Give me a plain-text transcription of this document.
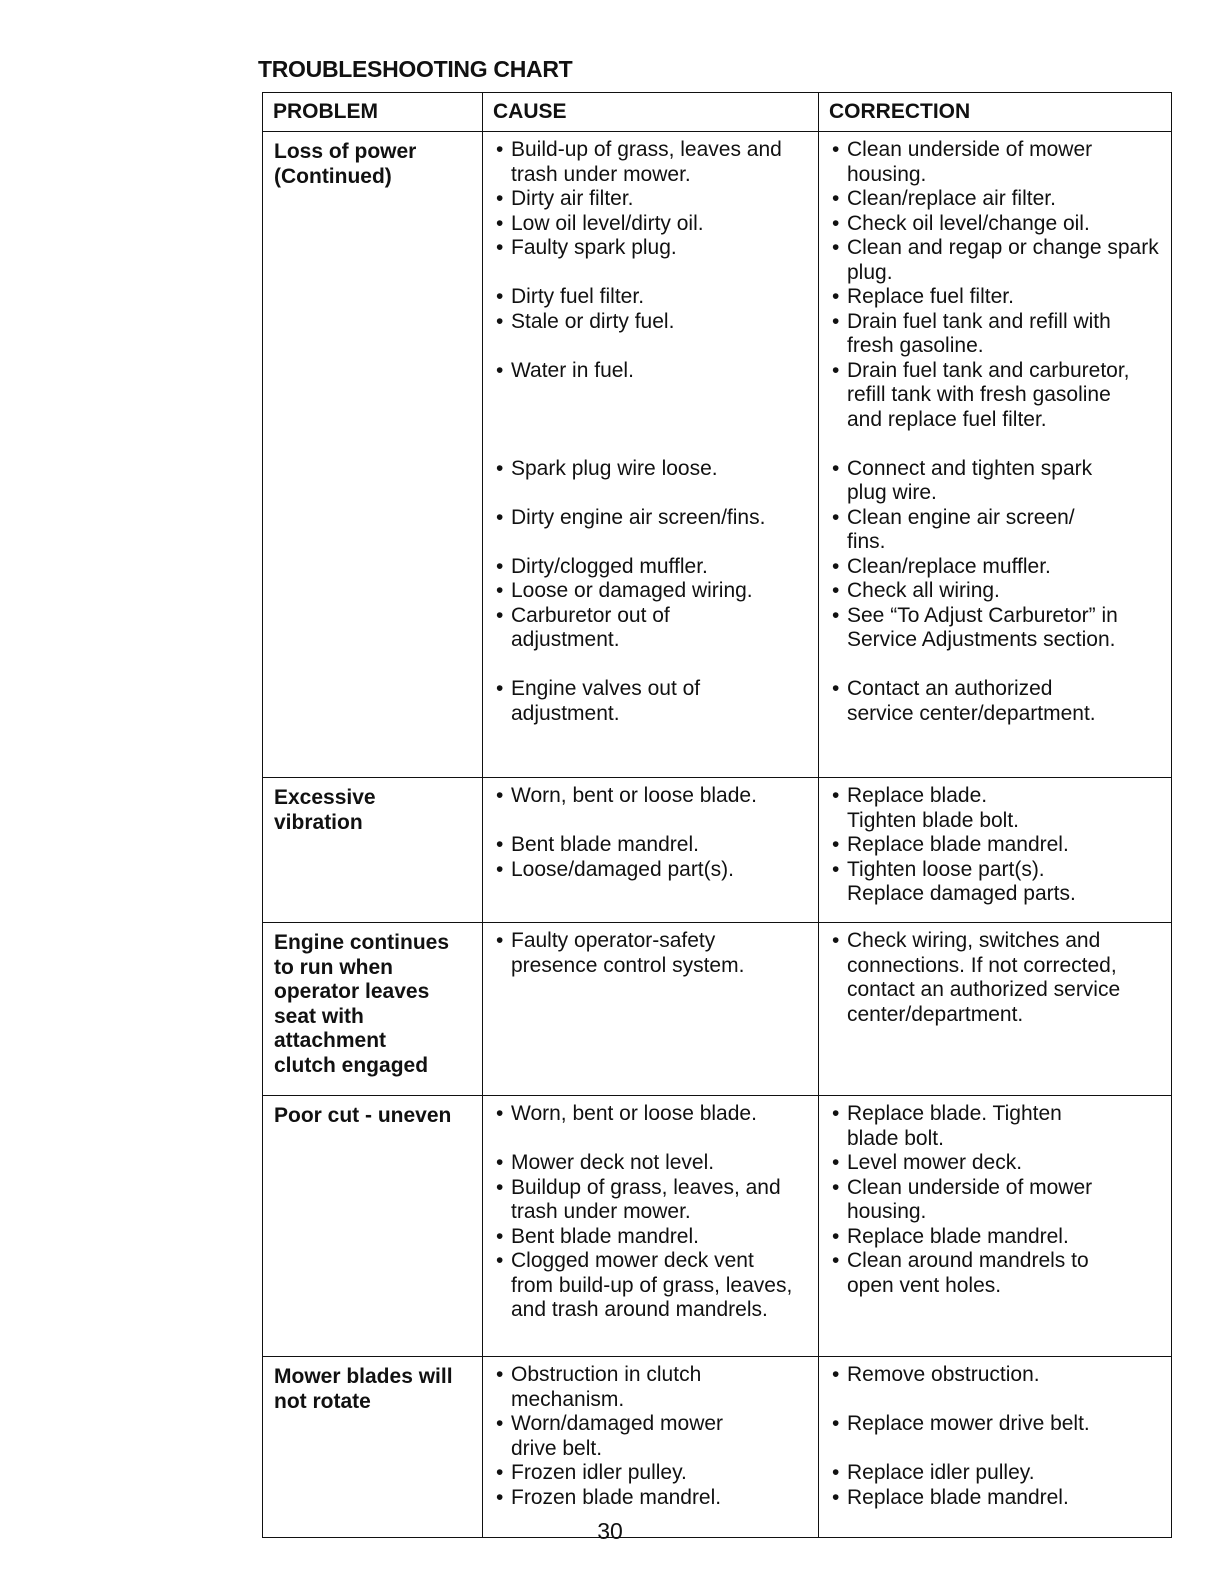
TROUBLESHOOTING CHART
PROBLEM	CAUSE	CORRECTION
Loss of power
(Continued)
• Build-up of grass, leaves and trash under mower.
• Dirty air filter.
• Low oil level/dirty oil.
• Faulty spark plug.
• Dirty fuel filter.
• Stale or dirty fuel.
• Water in fuel.
• Spark plug wire loose.
• Dirty engine air screen/fins.
• Dirty/clogged muffler.
• Loose or damaged wiring.
• Carburetor out of adjustment.
• Engine valves out of adjustment.
• Clean underside of mower housing.
• Clean/replace air filter.
• Check oil level/change oil.
• Clean and regap or change spark plug.
• Replace fuel filter.
• Drain fuel tank and refill with fresh gasoline.
• Drain fuel tank and carburetor, refill tank with fresh gasoline and replace fuel filter.
• Connect and tighten spark plug wire.
• Clean engine air screen/ fins.
• Clean/replace muffler.
• Check all wiring.
• See “To Adjust Carburetor” in Service Adjustments section.
• Contact an authorized service center/department.
Excessive
vibration
• Worn, bent or loose blade.
• Bent blade mandrel.
• Loose/damaged part(s).
• Replace blade. Tighten blade bolt.
• Replace blade mandrel.
• Tighten loose part(s). Replace damaged parts.
Engine continues
to run when
operator leaves
seat with
attachment
clutch engaged
• Faulty operator-safety presence control system.
• Check wiring, switches and connections. If not corrected, contact an authorized service center/department.
Poor cut - uneven
•	Worn, bent or loose blade.
• Mower deck not level.
• Buildup of grass, leaves, and trash under mower.
• Bent blade mandrel.
• Clogged mower deck vent from build-up of grass, leaves, and trash around mandrels.
• Replace blade. Tighten blade bolt.
• Level mower deck.
• Clean underside of mower housing.
• Replace blade mandrel.
• Clean around mandrels to open vent holes.
Mower blades will
not rotate
• Obstruction in clutch mechanism.
• Worn/damaged mower drive belt.
• Frozen idler pulley.
• Frozen blade mandrel.
• Remove obstruction.
• Replace mower drive belt.
• Replace idler pulley.
• Replace blade mandrel.
30
